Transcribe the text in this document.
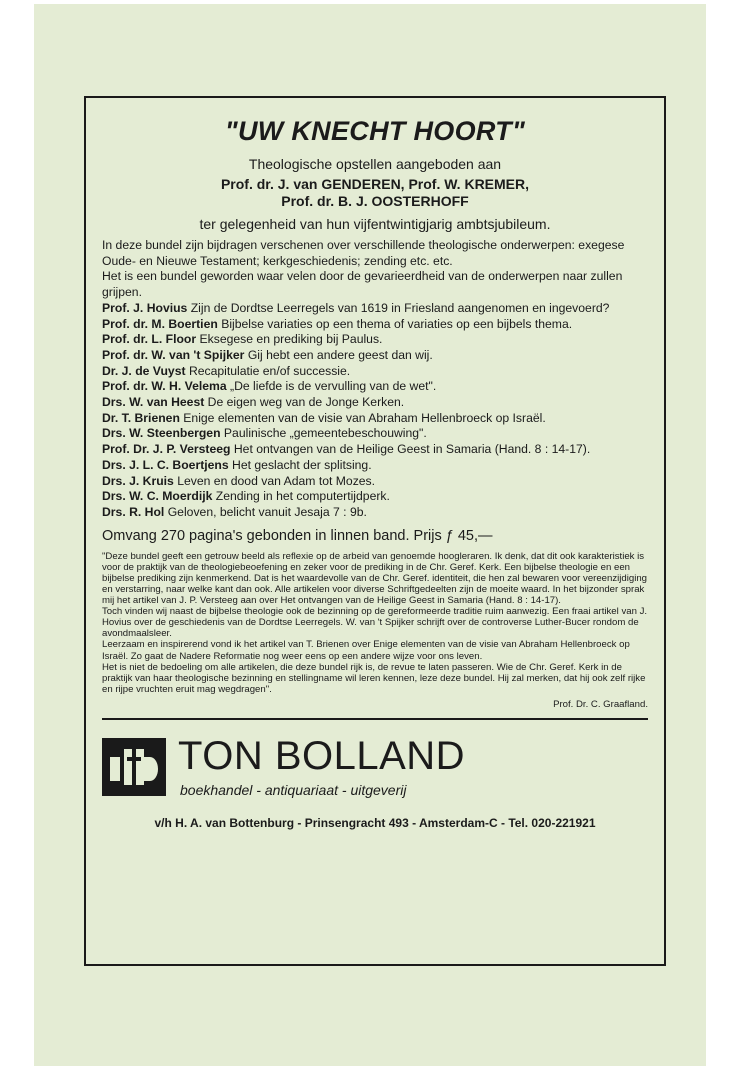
"UW KNECHT HOORT"
Theologische opstellen aangeboden aan
Prof. dr. J. van GENDEREN, Prof. W. KREMER,
Prof. dr. B. J. OOSTERHOFF
ter gelegenheid van hun vijfentwintigjarig ambtsjubileum.

In deze bundel zijn bijdragen verschenen over verschillende theologische onderwerpen: exegese Oude- en Nieuwe Testament; kerkgeschiedenis; zending etc. etc.

Het is een bundel geworden waar velen door de gevarieerdheid van de onderwerpen naar zullen grijpen.

Prof. J. Hovius Zijn de Dordtse Leerregels van 1619 in Friesland aangenomen en ingevoerd?
Prof. dr. M. Boertien Bijbelse variaties op een thema of variaties op een bijbels thema.
Prof. dr. L. Floor Eksegese en prediking bij Paulus.
Prof. dr. W. van 't Spijker Gij hebt een andere geest dan wij.
Dr. J. de Vuyst Recapitulatie en/of successie.
Prof. dr. W. H. Velema „De liefde is de vervulling van de wet".
Drs. W. van Heest De eigen weg van de Jonge Kerken.
Dr. T. Brienen Enige elementen van de visie van Abraham Hellenbroeck op Israël.
Drs. W. Steenbergen Paulinische „gemeentebeschouwing".
Prof. Dr. J. P. Versteeg Het ontvangen van de Heilige Geest in Samaria (Hand. 8 : 14-17).
Drs. J. L. C. Boertjens Het geslacht der splitsing.
Drs. J. Kruis Leven en dood van Adam tot Mozes.
Drs. W. C. Moerdijk Zending in het computertijdperk.
Drs. R. Hol Geloven, belicht vanuit Jesaja 7 : 9b.
Omvang 270 pagina's gebonden in linnen band. Prijs ƒ 45,—

"Deze bundel geeft een getrouw beeld als reflexie op de arbeid van genoemde hoogleraren. Ik denk, dat dit ook karakteristiek is voor de praktijk van de theologiebeoefening en zeker voor de prediking in de Chr. Geref. Kerk. Een bijbelse theologie en een bijbelse prediking zijn kenmerkend. Dat is het waardevolle van de Chr. Geref. identiteit, die hen zal bewaren voor vereenzijdiging en verstarring, naar welke kant dan ook. Alle artikelen voor diverse Schriftgedeelten zijn de moeite waard. In het bijzonder sprak mij het artikel van J. P. Versteeg aan over Het ontvangen van de Heilige Geest in Samaria (Hand. 8 : 14-17).

Toch vinden wij naast de bijbelse theologie ook de bezinning op de gereformeerde traditie ruim aanwezig. Een fraai artikel van J. Hovius over de geschiedenis van de Dordtse Leerregels. W. van 't Spijker schrijft over de controverse Luther-Bucer rondom de avondmaalsleer.

Leerzaam en inspirerend vond ik het artikel van T. Brienen over Enige elementen van de visie van Abraham Hellenbroeck op Israël. Zo gaat de Nadere Reformatie nog weer eens op een andere wijze voor ons leven.

Het is niet de bedoeling om alle artikelen, die deze bundel rijk is, de revue te laten passeren. Wie de Chr. Geref. Kerk in de praktijk van haar theologische bezinning en stellingname wil leren kennen, leze deze bundel. Hij zal merken, dat hij ook zelf rijke en rijpe vruchten eruit mag wegdragen".

Prof. Dr. C. Graafland.
TON BOLLAND
boekhandel - antiquariaat - uitgeverij
v/h H. A. van Bottenburg - Prinsengracht 493 - Amsterdam-C - Tel. 020-221921
